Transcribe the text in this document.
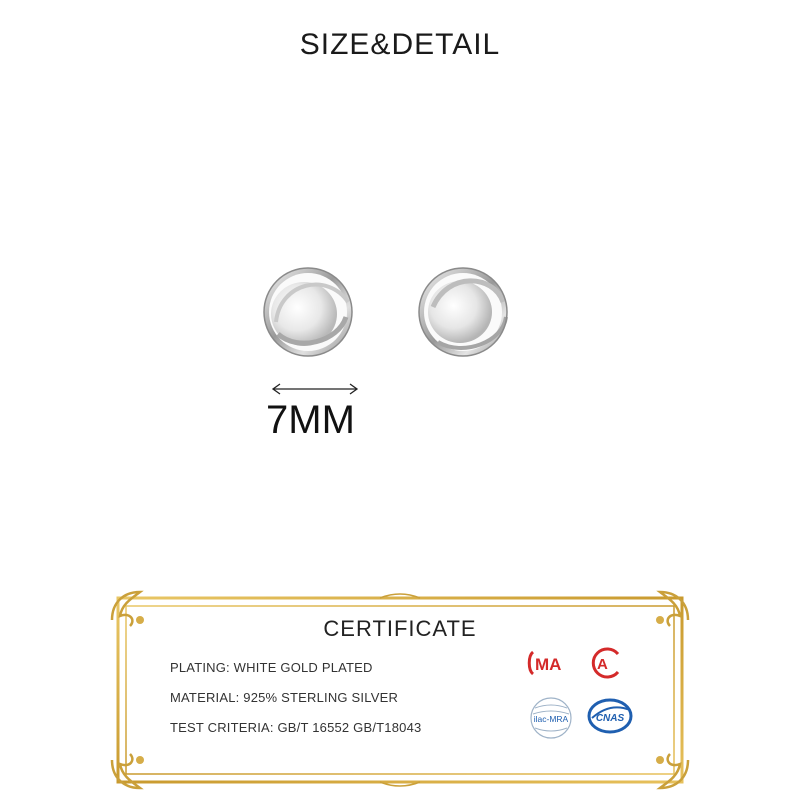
SIZE&DETAIL
7MM
CERTIFICATE
PLATING: WHITE GOLD PLATED
MATERIAL: 925% STERLING SILVER
TEST CRITERIA: GB/T 16552 GB/T18043
MA A
ilac-MRA	CNAS
